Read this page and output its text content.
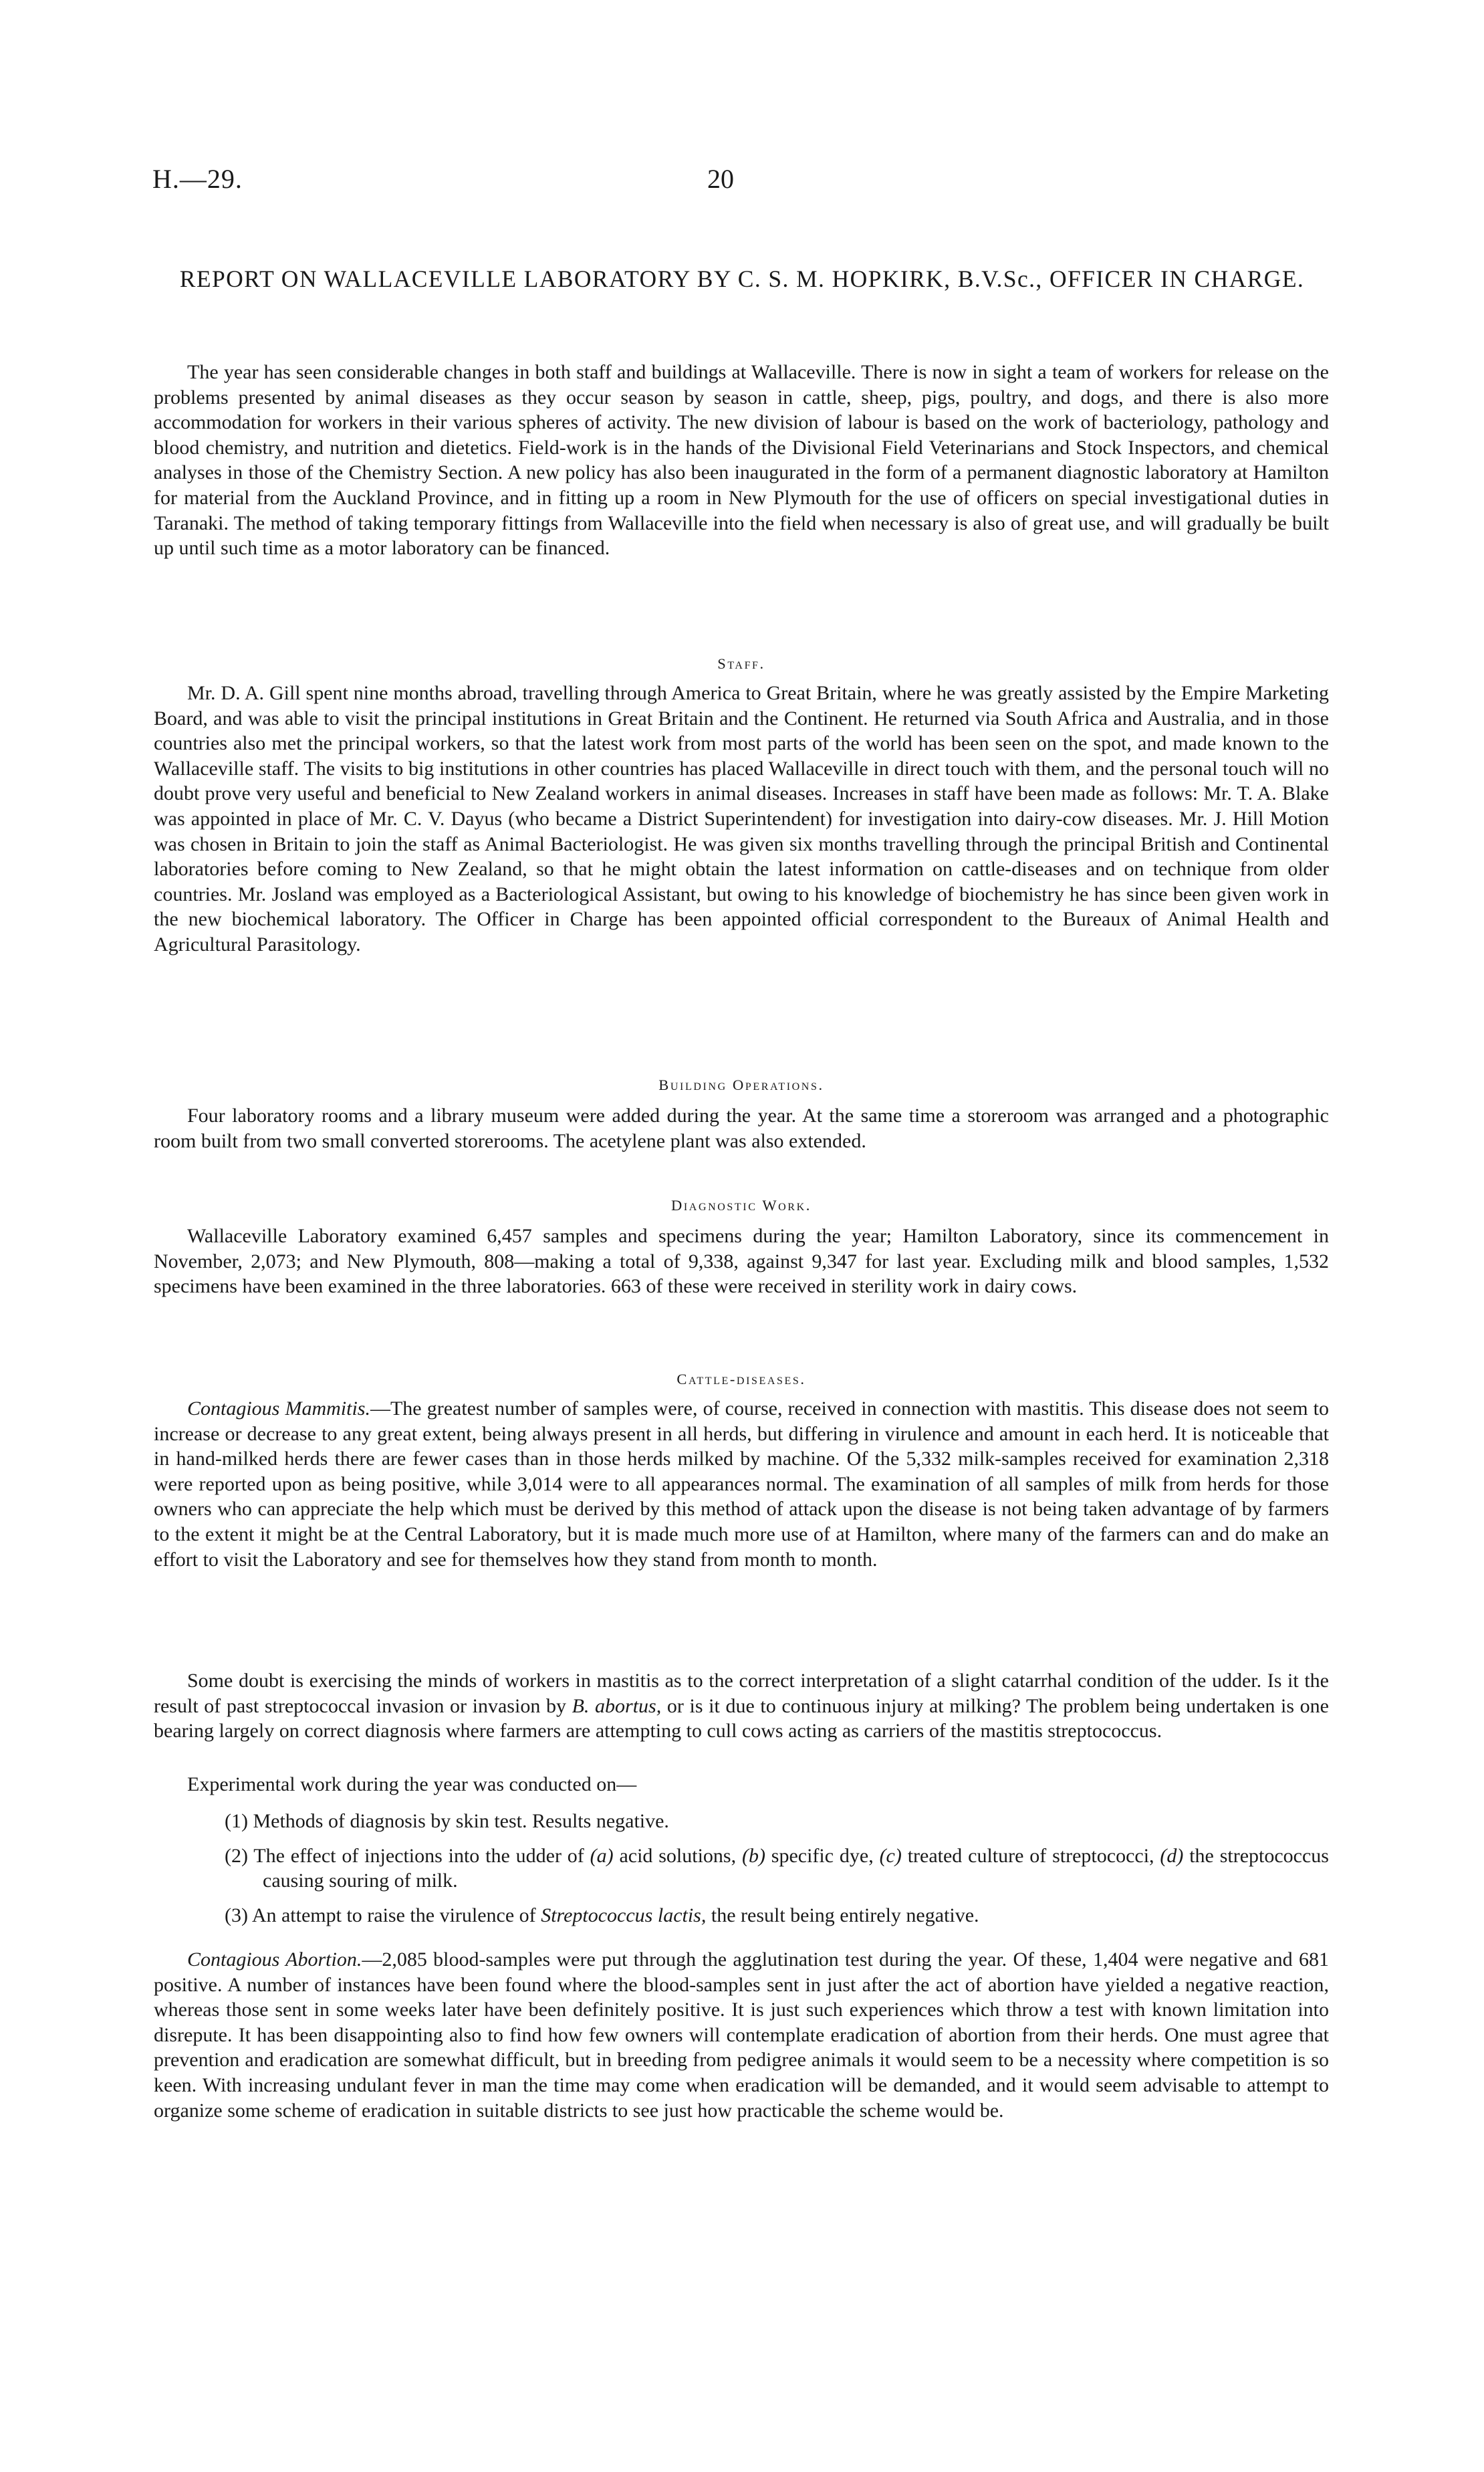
H.—29.	20
REPORT ON WALLACEVILLE LABORATORY BY C. S. M. HOPKIRK, B.V.Sc., OFFICER IN CHARGE.

The year has seen considerable changes in both staff and buildings at Wallaceville. There is now in sight a team of workers for release on the problems presented by animal diseases as they occur season by season in cattle, sheep, pigs, poultry, and dogs, and there is also more accommodation for workers in their various spheres of activity. The new division of labour is based on the work of bacteriology, pathology and blood chemistry, and nutrition and dietetics. Field-work is in the hands of the Divisional Field Veterinarians and Stock Inspectors, and chemical analyses in those of the Chemistry Section. A new policy has also been inaugurated in the form of a permanent diagnostic laboratory at Hamilton for material from the Auckland Province, and in fitting up a room in New Plymouth for the use of officers on special investigational duties in Taranaki. The method of taking temporary fittings from Wallaceville into the field when necessary is also of great use, and will gradually be built up until such time as a motor laboratory can be financed.

Staff.

Mr. D. A. Gill spent nine months abroad, travelling through America to Great Britain, where he was greatly assisted by the Empire Marketing Board, and was able to visit the principal institutions in Great Britain and the Continent. He returned via South Africa and Australia, and in those countries also met the principal workers, so that the latest work from most parts of the world has been seen on the spot, and made known to the Wallaceville staff. The visits to big institutions in other countries has placed Wallaceville in direct touch with them, and the personal touch will no doubt prove very useful and beneficial to New Zealand workers in animal diseases. Increases in staff have been made as follows: Mr. T. A. Blake was appointed in place of Mr. C. V. Dayus (who became a District Superintendent) for investigation into dairy-cow diseases. Mr. J. Hill Motion was chosen in Britain to join the staff as Animal Bacteriologist. He was given six months travelling through the principal British and Continental laboratories before coming to New Zealand, so that he might obtain the latest information on cattle-diseases and on technique from older countries. Mr. Josland was employed as a Bacteriological Assistant, but owing to his knowledge of biochemistry he has since been given work in the new biochemical laboratory. The Officer in Charge has been appointed official correspondent to the Bureaux of Animal Health and Agricultural Parasitology.

Building Operations.

Four laboratory rooms and a library museum were added during the year. At the same time a storeroom was arranged and a photographic room built from two small converted storerooms. The acetylene plant was also extended.

Diagnostic Work.

Wallaceville Laboratory examined 6,457 samples and specimens during the year; Hamilton Laboratory, since its commencement in November, 2,073; and New Plymouth, 808—making a total of 9,338, against 9,347 for last year. Excluding milk and blood samples, 1,532 specimens have been examined in the three laboratories. 663 of these were received in sterility work in dairy cows.

Cattle-diseases.

Contagious Mammitis.—The greatest number of samples were, of course, received in connection with mastitis. This disease does not seem to increase or decrease to any great extent, being always present in all herds, but differing in virulence and amount in each herd. It is noticeable that in hand-milked herds there are fewer cases than in those herds milked by machine. Of the 5,332 milk-samples received for examination 2,318 were reported upon as being positive, while 3,014 were to all appearances normal. The examination of all samples of milk from herds for those owners who can appreciate the help which must be derived by this method of attack upon the disease is not being taken advantage of by farmers to the extent it might be at the Central Laboratory, but it is made much more use of at Hamilton, where many of the farmers can and do make an effort to visit the Laboratory and see for themselves how they stand from month to month.

Some doubt is exercising the minds of workers in mastitis as to the correct interpretation of a slight catarrhal condition of the udder. Is it the result of past streptococcal invasion or invasion by B. abortus, or is it due to continuous injury at milking? The problem being undertaken is one bearing largely on correct diagnosis where farmers are attempting to cull cows acting as carriers of the mastitis streptococcus.

Experimental work during the year was conducted on—

(1) Methods of diagnosis by skin test. Results negative.
(2) The effect of injections into the udder of (a) acid solutions, (b) specific dye, (c) treated culture of streptococci, (d) the streptococcus causing souring of milk.
(3) An attempt to raise the virulence of Streptococcus lactis, the result being entirely negative.

Contagious Abortion.—2,085 blood-samples were put through the agglutination test during the year. Of these, 1,404 were negative and 681 positive. A number of instances have been found where the blood-samples sent in just after the act of abortion have yielded a negative reaction, whereas those sent in some weeks later have been definitely positive. It is just such experiences which throw a test with known limitation into disrepute. It has been disappointing also to find how few owners will contemplate eradication of abortion from their herds. One must agree that prevention and eradication are somewhat difficult, but in breeding from pedigree animals it would seem to be a necessity where competition is so keen. With increasing undulant fever in man the time may come when eradication will be demanded, and it would seem advisable to attempt to organize some scheme of eradication in suitable districts to see just how practicable the scheme would be.
